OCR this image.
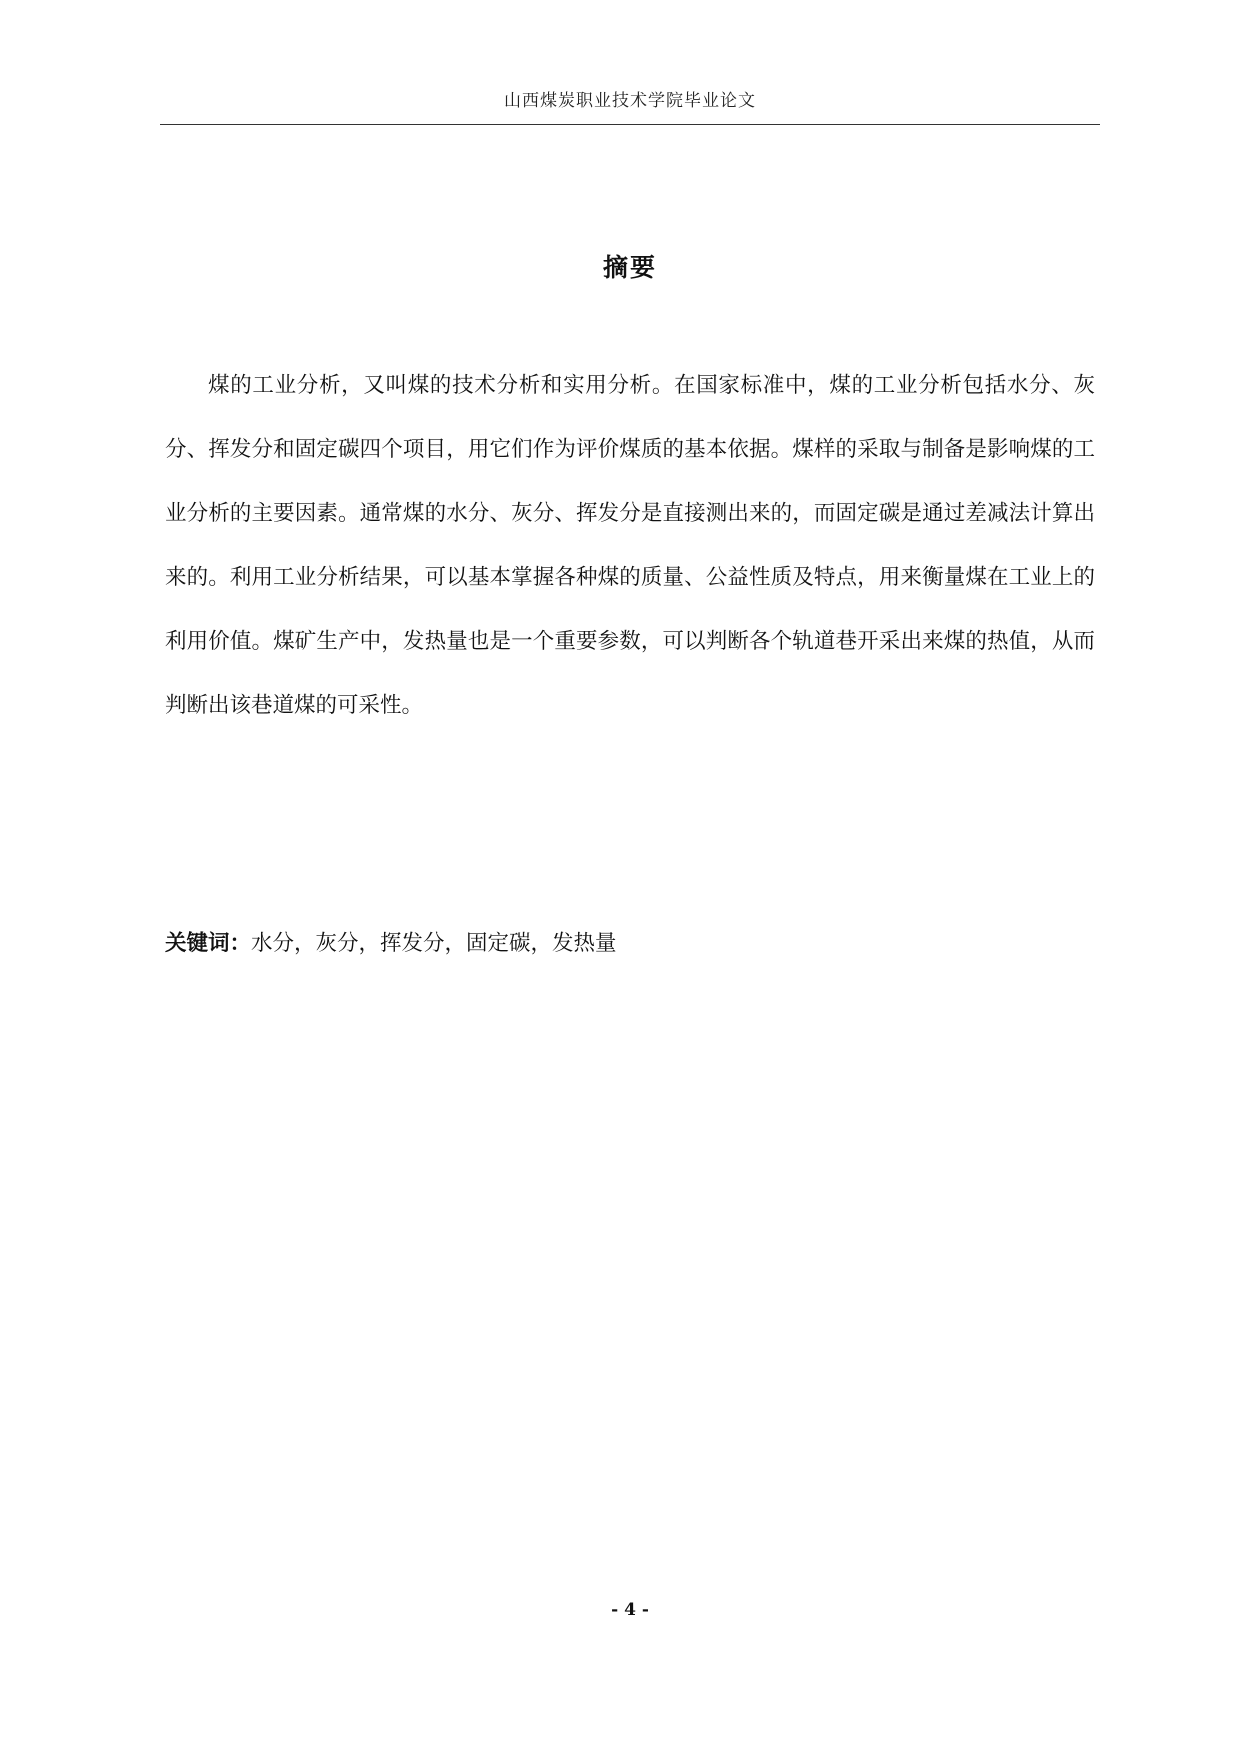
山西煤炭职业技术学院毕业论文
摘要

煤的工业分析，又叫煤的技术分析和实用分析。在国家标准中，煤的工业分析包括水分、灰分、挥发分和固定碳四个项目，用它们作为评价煤质的基本依据。煤样的采取与制备是影响煤的工业分析的主要因素。通常煤的水分、灰分、挥发分是直接测出来的，而固定碳是通过差减法计算出来的。利用工业分析结果，可以基本掌握各种煤的质量、公益性质及特点，用来衡量煤在工业上的利用价值。煤矿生产中，发热量也是一个重要参数，可以判断各个轨道巷开采出来煤的热值，从而判断出该巷道煤的可采性。

关键词：水分，灰分，挥发分，固定碳，发热量
- 4 -
